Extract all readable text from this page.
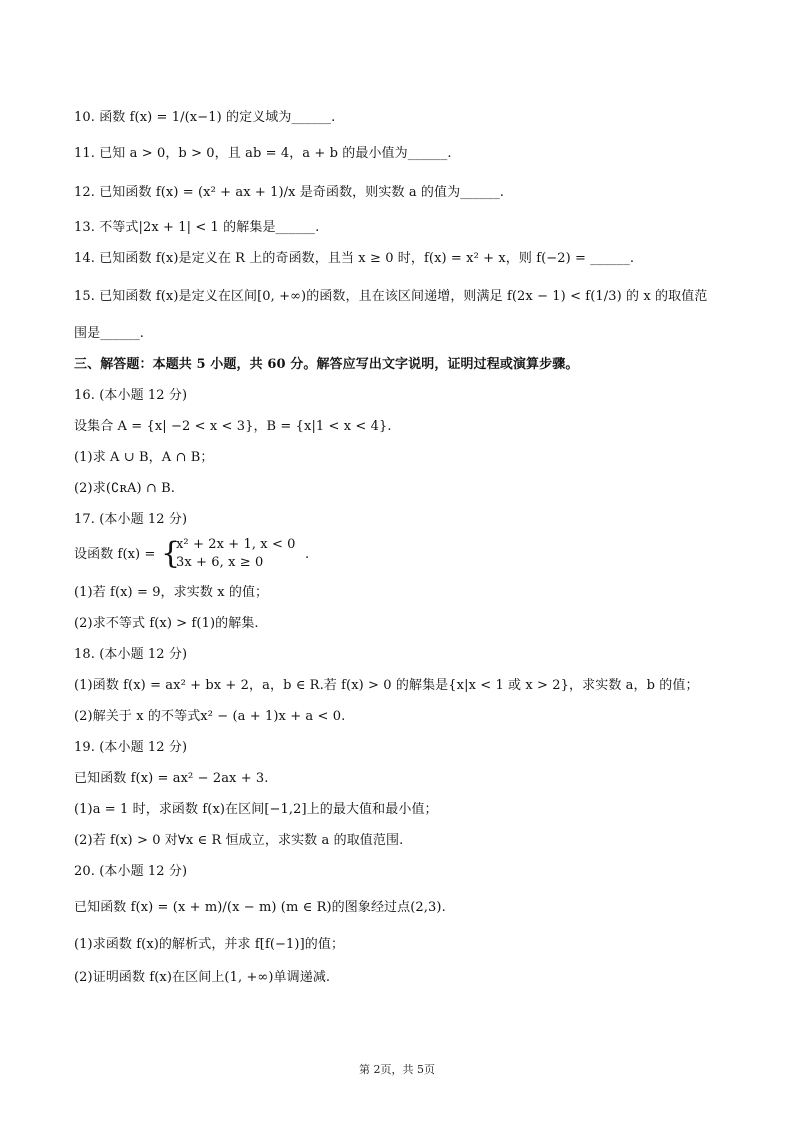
10. 函数 f(x) = 1/(x−1) 的定义域为______.
11. 已知 a > 0，b > 0，且 ab = 4，a + b 的最小值为______.
12. 已知函数 f(x) = (x² + ax + 1)/x 是奇函数，则实数 a 的值为______.
13. 不等式|2x + 1| < 1 的解集是______.
14. 已知函数 f(x)是定义在 R 上的奇函数，且当 x ≥ 0 时，f(x) = x² + x，则 f(−2) = ______.
15. 已知函数 f(x)是定义在区间[0, +∞)的函数，且在该区间递增，则满足 f(2x − 1) < f(1/3) 的 x 的取值范
围是______.
三、解答题：本题共 5 小题，共 60 分。解答应写出文字说明，证明过程或演算步骤。
16. (本小题 12 分)
设集合 A = {x| −2 < x < 3}，B = {x|1 < x < 4}.
(1)求 A ∪ B，A ∩ B；
(2)求(∁ʀA) ∩ B.
17. (本小题 12 分)
设函数 f(x) = {
x² + 2x + 1, x < 0
3x + 6, x ≥ 0
.
(1)若 f(x) = 9，求实数 x 的值；
(2)求不等式 f(x) > f(1)的解集.
18. (本小题 12 分)
(1)函数 f(x) = ax² + bx + 2，a，b ∈ R.若 f(x) > 0 的解集是{x|x < 1 或 x > 2}，求实数 a，b 的值；
(2)解关于 x 的不等式x² − (a + 1)x + a < 0.
19. (本小题 12 分)
已知函数 f(x) = ax² − 2ax + 3.
(1)a = 1 时，求函数 f(x)在区间[−1,2]上的最大值和最小值；
(2)若 f(x) > 0 对∀x ∈ R 恒成立，求实数 a 的取值范围.
20. (本小题 12 分)
已知函数 f(x) = (x + m)/(x − m) (m ∈ R)的图象经过点(2,3).
(1)求函数 f(x)的解析式，并求 f[f(−1)]的值；
(2)证明函数 f(x)在区间上(1, +∞)单调递减.
第 2页，共 5页
